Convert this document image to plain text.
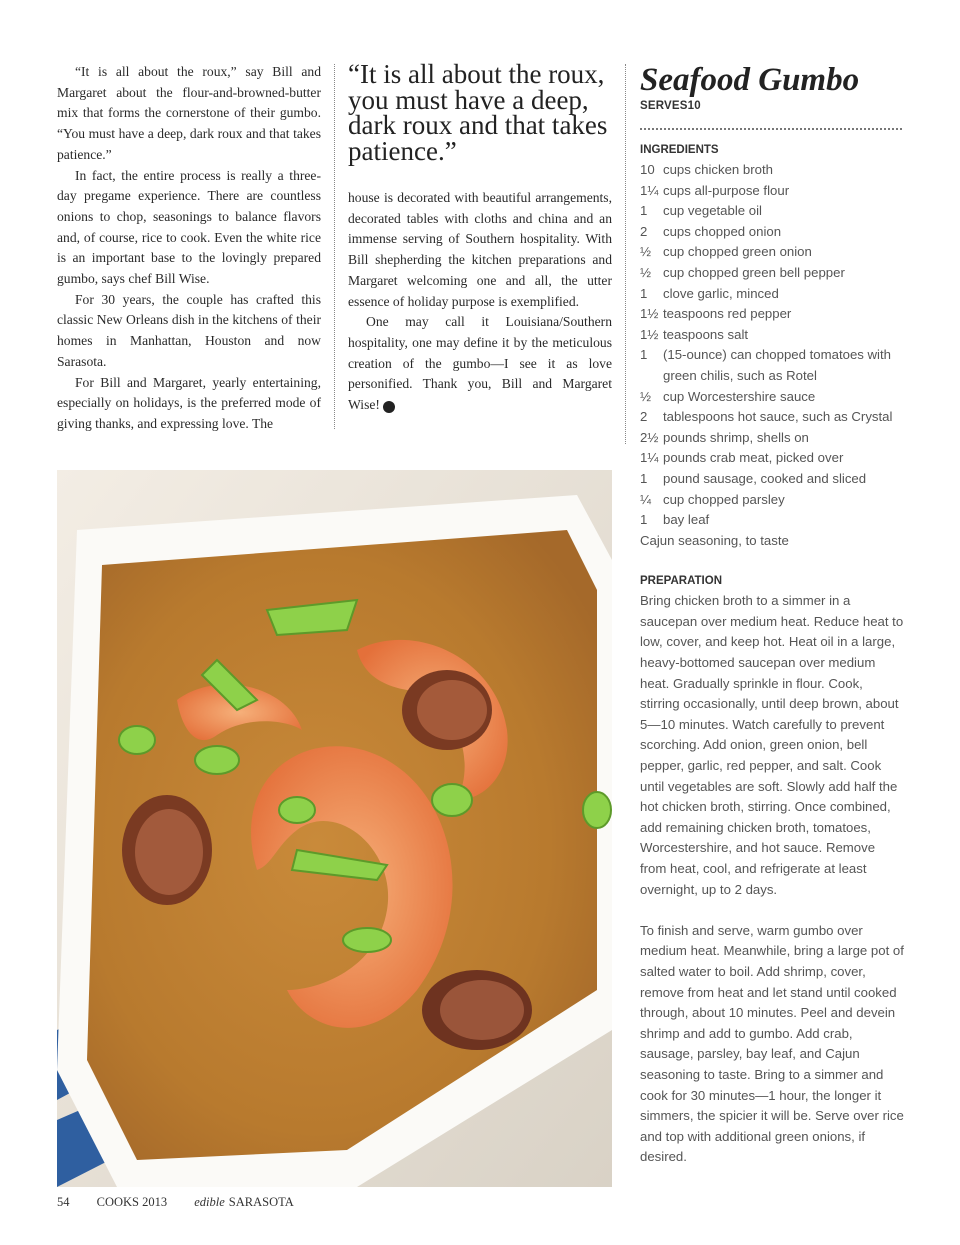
“It is all about the roux,” say Bill and Margaret about the flour-and-browned-butter mix that forms the cornerstone of their gumbo. “You must have a deep, dark roux and that takes patience.”

In fact, the entire process is really a three-day pregame experience. There are countless onions to chop, seasonings to balance flavors and, of course, rice to cook. Even the white rice is an important base to the lovingly prepared gumbo, says chef Bill Wise.

For 30 years, the couple has crafted this classic New Orleans dish in the kitchens of their homes in Manhattan, Houston and now Sarasota.

For Bill and Margaret, yearly entertaining, especially on holidays, is the preferred mode of giving thanks, and expressing love. The

“It is all about the roux, you must have a deep, dark roux and that takes patience.”

house is decorated with beautiful arrangements, decorated tables with cloths and china and an immense serving of Southern hospitality. With Bill shepherding the kitchen preparations and Margaret welcoming one and all, the utter essence of holiday purpose is exemplified.

One may call it Louisiana/Southern hospitality, one may define it by the meticulous creation of the gumbo—I see it as love personified. Thank you, Bill and Margaret Wise! e

Seafood Gumbo
SERVES10
INGREDIENTS
10 cups chicken broth
1¼ cups all-purpose flour
1	cup vegetable oil
2	cups chopped onion
½ cup chopped green onion
½ cup chopped green bell pepper
1	clove garlic, minced
1½ teaspoons red pepper
1½ teaspoons salt
1	(15-ounce) can chopped tomatoes with green chilis, such as Rotel
½ cup Worcestershire sauce
2	tablespoons hot sauce, such as Crystal
2½ pounds shrimp, shells on
1¼ pounds crab meat, picked over
1	pound sausage, cooked and sliced
¼ cup chopped parsley
1	bay leaf
Cajun seasoning, to taste
PREPARATION

Bring chicken broth to a simmer in a saucepan over medium heat. Reduce heat to low, cover, and keep hot. Heat oil in a large, heavy-bottomed saucepan over medium heat. Gradually sprinkle in flour. Cook, stirring occasionally, until deep brown, about 5—10 minutes. Watch carefully to prevent scorching. Add onion, green onion, bell pepper, garlic, red pepper, and salt. Cook until vegetables are soft. Slowly add half the hot chicken broth, stirring. Once combined, add remaining chicken broth, tomatoes, Worcestershire, and hot sauce. Remove from heat, cool, and refrigerate at least overnight, up to 2 days.

To finish and serve, warm gumbo over medium heat. Meanwhile, bring a large pot of salted water to boil. Add shrimp, cover, remove from heat and let stand until cooked through, about 10 minutes. Peel and devein shrimp and add to gumbo. Add crab, sausage, parsley, bay leaf, and Cajun seasoning to taste. Bring to a simmer and cook for 30 minutes—1 hour, the longer it simmers, the spicier it will be. Serve over rice and top with additional green onions, if desired.

54 COOKS 2013 edible SARASOTA
